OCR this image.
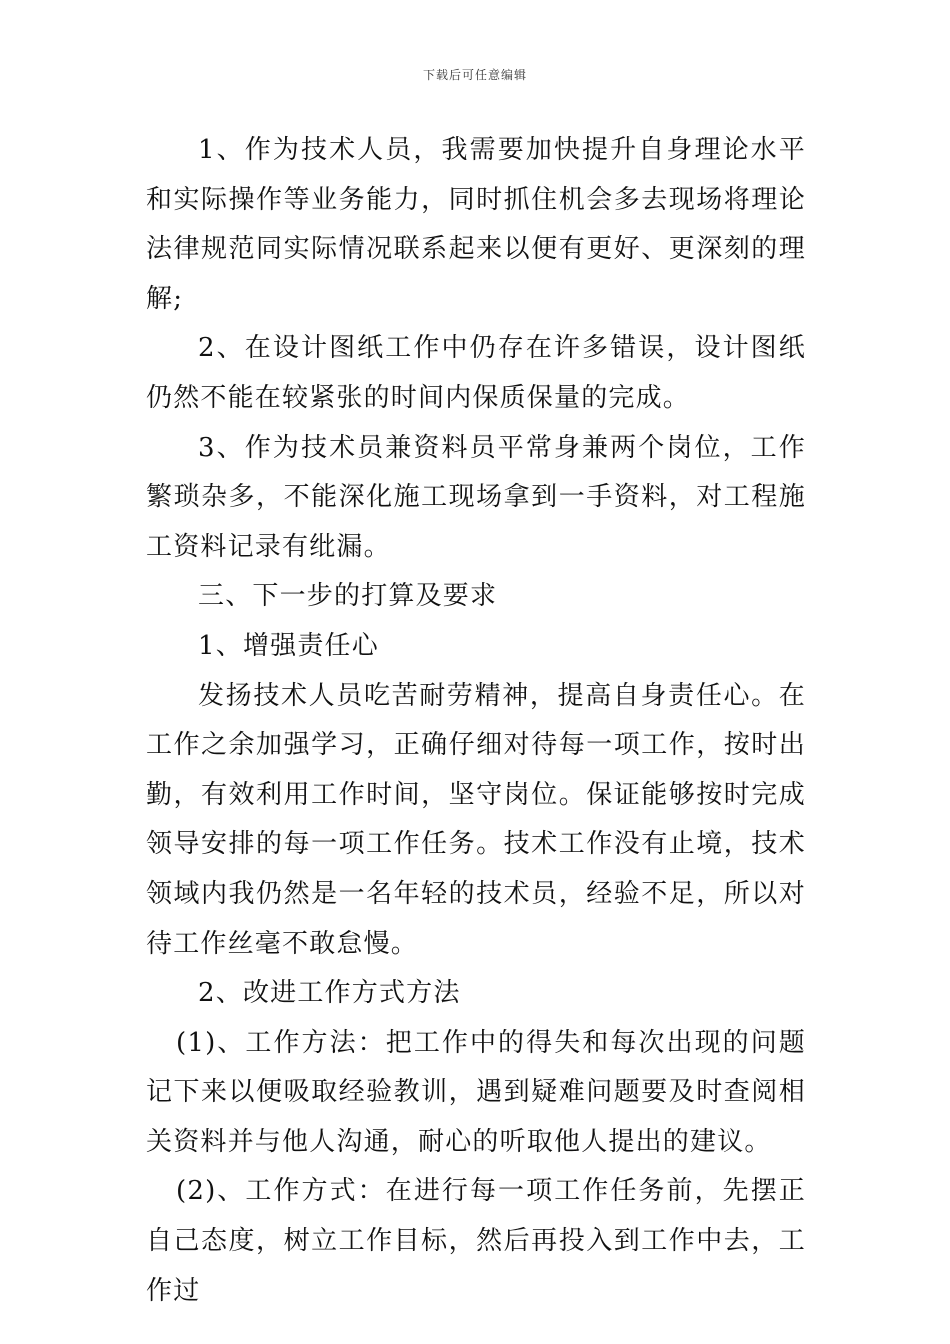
下载后可任意编辑

1、作为技术人员，我需要加快提升自身理论水平和实际操作等业务能力，同时抓住机会多去现场将理论法律规范同实际情况联系起来以便有更好、更深刻的理解;

2、在设计图纸工作中仍存在许多错误，设计图纸仍然不能在较紧张的时间内保质保量的完成。

3、作为技术员兼资料员平常身兼两个岗位，工作繁琐杂多，不能深化施工现场拿到一手资料，对工程施工资料记录有纰漏。

三、下一步的打算及要求

1、增强责任心

发扬技术人员吃苦耐劳精神，提高自身责任心。在工作之余加强学习，正确仔细对待每一项工作，按时出勤，有效利用工作时间，坚守岗位。保证能够按时完成领导安排的每一项工作任务。技术工作没有止境，技术领域内我仍然是一名年轻的技术员，经验不足，所以对待工作丝毫不敢怠慢。

2、改进工作方式方法

(1)、工作方法：把工作中的得失和每次出现的问题记下来以便吸取经验教训，遇到疑难问题要及时查阅相关资料并与他人沟通，耐心的听取他人提出的建议。

(2)、工作方式：在进行每一项工作任务前，先摆正自己态度，树立工作目标，然后再投入到工作中去，工作过
